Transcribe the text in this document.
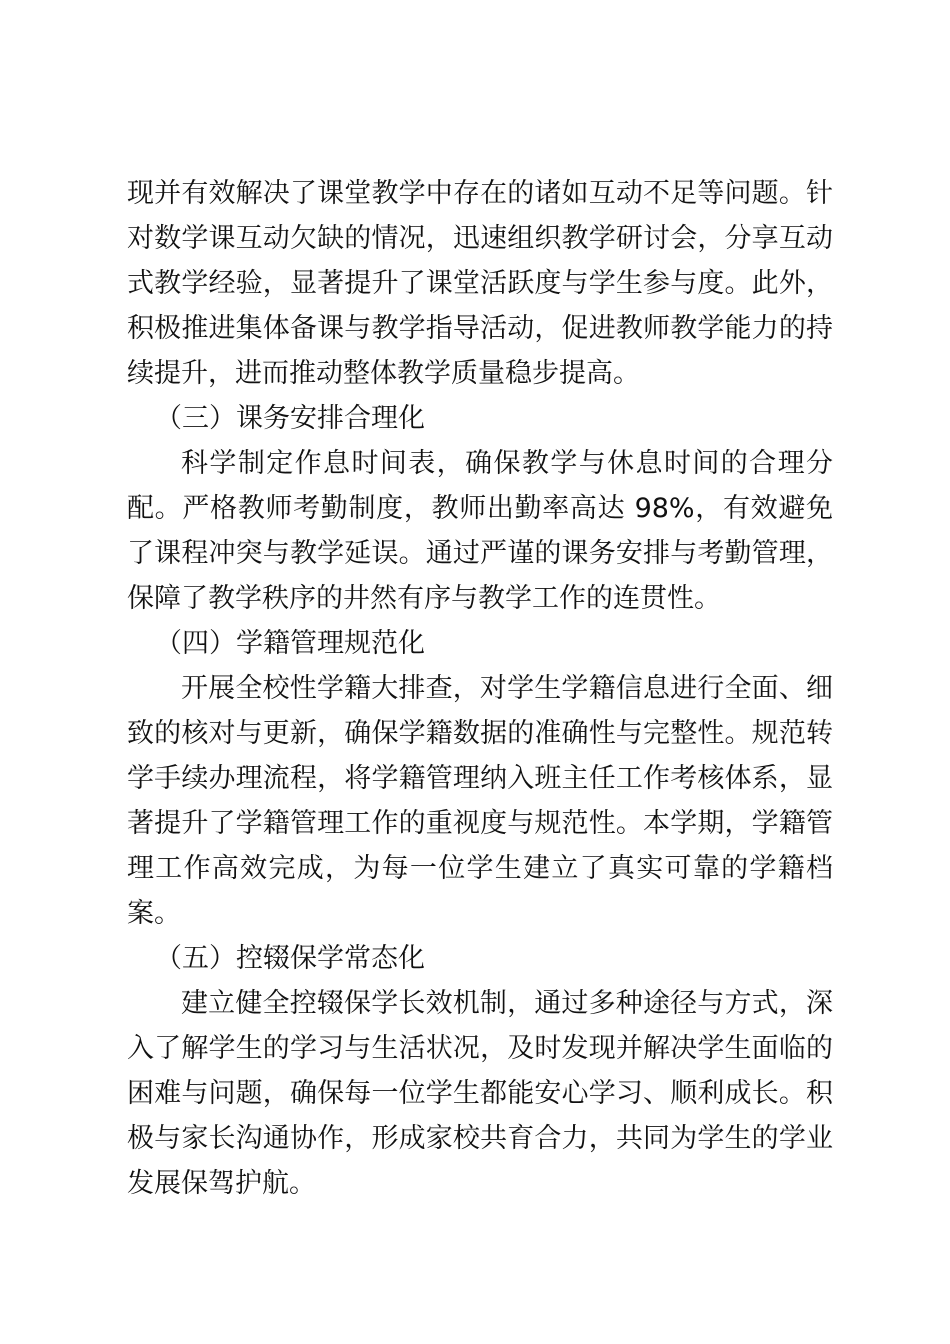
现并有效解决了课堂教学中存在的诸如互动不足等问题。针对数学课互动欠缺的情况，迅速组织教学研讨会，分享互动式教学经验，显著提升了课堂活跃度与学生参与度。此外，积极推进集体备课与教学指导活动，促进教师教学能力的持续提升，进而推动整体教学质量稳步提高。

（三）课务安排合理化

科学制定作息时间表，确保教学与休息时间的合理分配。严格教师考勤制度，教师出勤率高达 98%，有效避免了课程冲突与教学延误。通过严谨的课务安排与考勤管理，保障了教学秩序的井然有序与教学工作的连贯性。

（四）学籍管理规范化

开展全校性学籍大排查，对学生学籍信息进行全面、细致的核对与更新，确保学籍数据的准确性与完整性。规范转学手续办理流程，将学籍管理纳入班主任工作考核体系，显著提升了学籍管理工作的重视度与规范性。本学期，学籍管理工作高效完成，为每一位学生建立了真实可靠的学籍档案。

（五）控辍保学常态化

建立健全控辍保学长效机制，通过多种途径与方式，深入了解学生的学习与生活状况，及时发现并解决学生面临的困难与问题，确保每一位学生都能安心学习、顺利成长。积极与家长沟通协作，形成家校共育合力，共同为学生的学业发展保驾护航。
